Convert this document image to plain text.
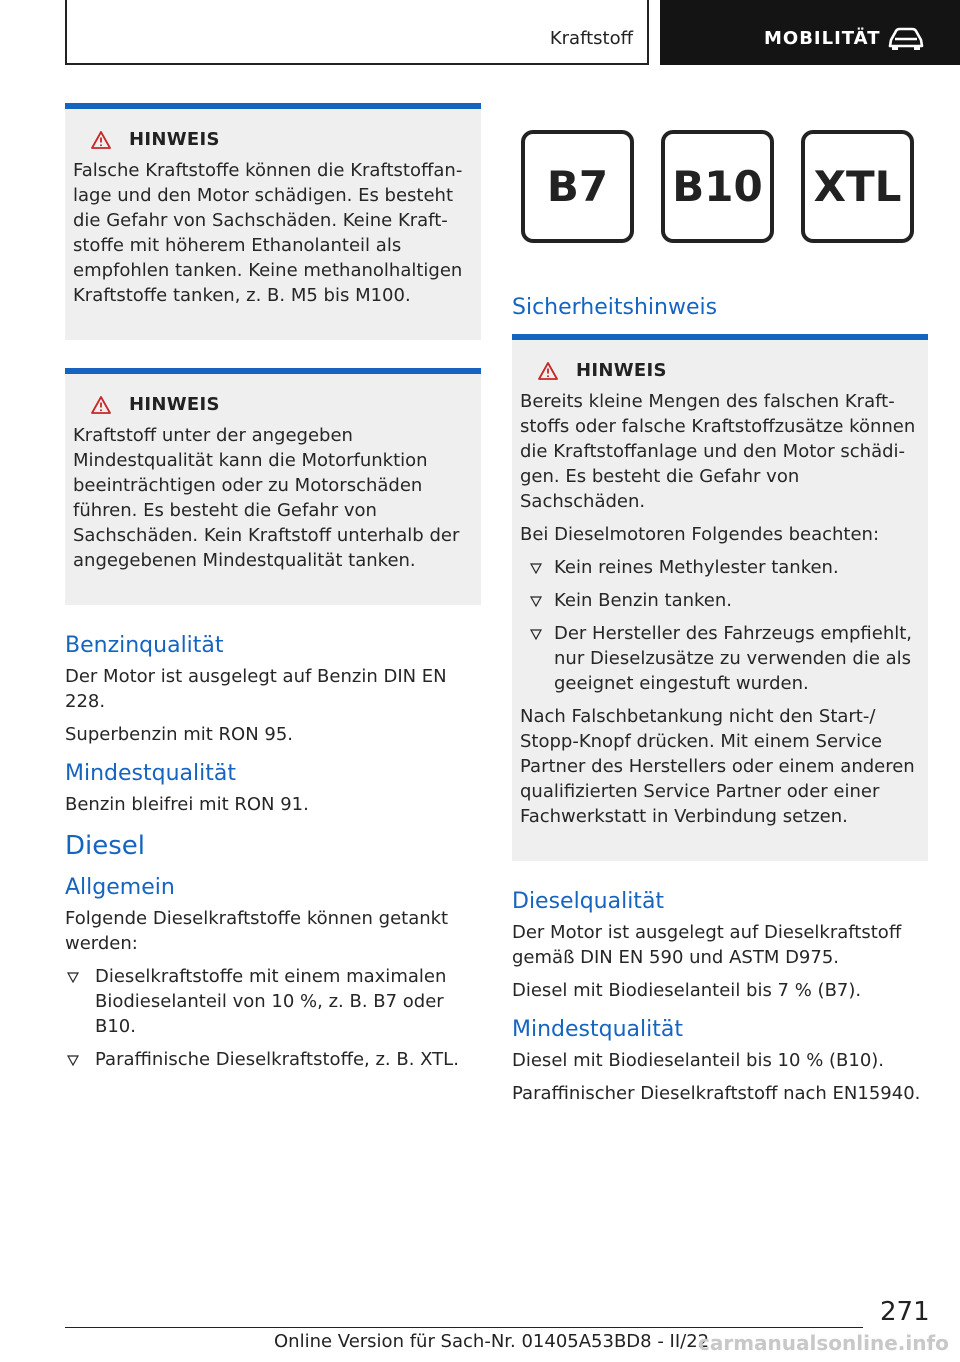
Kraftstoff	MOBILITÄT
HINWEIS

Falsche Kraftstoffe können die Kraftstoffanlage und den Motor schädigen. Es besteht die Gefahr von Sachschäden. Keine Kraftstoffe mit höherem Ethanolanteil als empfohlen tanken. Keine methanolhaltigen Kraftstoffe tanken, z. B. M5 bis M100.

HINWEIS

Kraftstoff unter der angegeben Mindestqualität kann die Motorfunktion beeinträchtigen oder zu Motorschäden führen. Es besteht die Gefahr von Sachschäden. Kein Kraftstoff unterhalb der angegebenen Mindestqualität tanken.

Benzinqualität

Der Motor ist ausgelegt auf Benzin DIN EN 228.

Superbenzin mit RON 95.

Mindestqualität

Benzin bleifrei mit RON 91.

Diesel
Allgemein

Folgende Dieselkraftstoffe können getankt werden:

Dieselkraftstoffe mit einem maximalen Biodieselanteil von 10 %, z. B. B7 oder B10.
Paraffinische Dieselkraftstoffe, z. B. XTL.
B7	B10 XTL
Sicherheitshinweis
HINWEIS

Bereits kleine Mengen des falschen Kraftstoffs oder falsche Kraftstoffzusätze können die Kraftstoffanlage und den Motor schädigen. Es besteht die Gefahr von Sachschäden.

Bei Dieselmotoren Folgendes beachten:

Kein reines Methylester tanken.
Kein Benzin tanken.
Der Hersteller des Fahrzeugs empfiehlt, nur Dieselzusätze zu verwenden die als geeignet eingestuft wurden.

Nach Falschbetankung nicht den Start-/ Stopp-Knopf drücken. Mit einem Service Partner des Herstellers oder einem anderen qualifizierten Service Partner oder einer Fachwerkstatt in Verbindung setzen.

Dieselqualität

Der Motor ist ausgelegt auf Dieselkraftstoff gemäß DIN EN 590 und ASTM D975.

Diesel mit Biodieselanteil bis 7 % (B7).

Mindestqualität

Diesel mit Biodieselanteil bis 10 % (B10).

Paraffinischer Dieselkraftstoff nach EN15940.

271
Online Version für Sach-Nr. 01405A53BD8 - II/22
carmanualsonline.info
